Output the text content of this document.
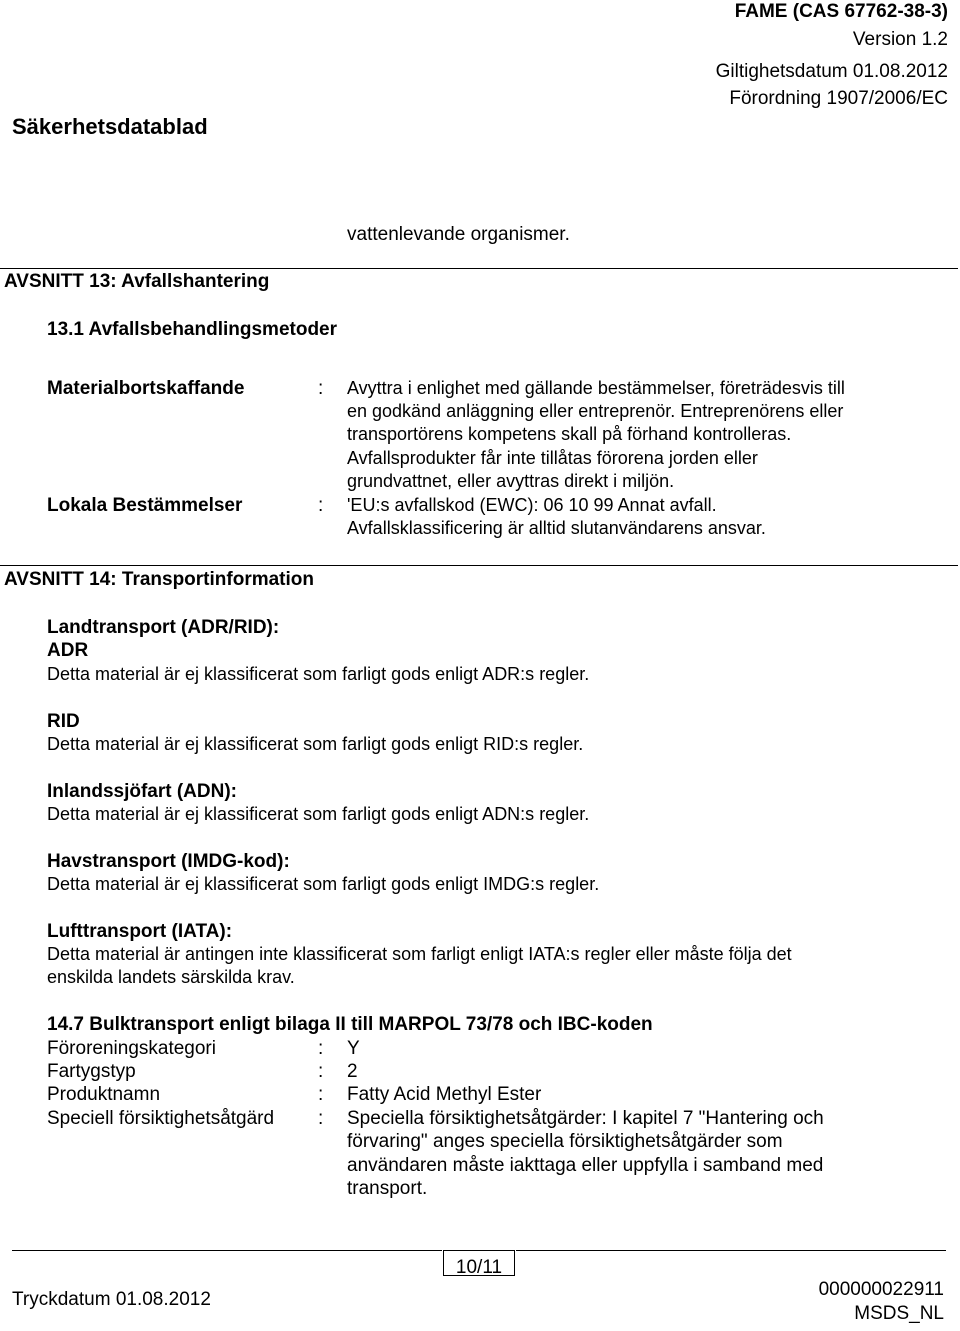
FAME (CAS 67762-38-3)
Version 1.2
Giltighetsdatum 01.08.2012
Förordning 1907/2006/EC
Säkerhetsdatablad
vattenlevande organismer.
AVSNITT 13: Avfallshantering
13.1 Avfallsbehandlingsmetoder
Materialbortskaffande	: Avyttra i enlighet med gällande bestämmelser, företrädesvis till
en godkänd anläggning eller entreprenör. Entreprenörens eller
transportörens kompetens skall på förhand kontrolleras.
Avfallsprodukter får inte tillåtas förorena jorden eller
grundvattnet, eller avyttras direkt i miljön.
Lokala Bestämmelser	: 'EU:s avfallskod (EWC): 06 10 99 Annat avfall.
Avfallsklassificering är alltid slutanvändarens ansvar.
AVSNITT 14: Transportinformation
Landtransport (ADR/RID):
ADR
Detta material är ej klassificerat som farligt gods enligt ADR:s regler.
RID
Detta material är ej klassificerat som farligt gods enligt RID:s regler.
Inlandssjöfart (ADN):
Detta material är ej klassificerat som farligt gods enligt ADN:s regler.
Havstransport (IMDG-kod):
Detta material är ej klassificerat som farligt gods enligt IMDG:s regler.
Lufttransport (IATA):
Detta material är antingen inte klassificerat som farligt enligt IATA:s regler eller måste följa det
enskilda landets särskilda krav.
14.7 Bulktransport enligt bilaga II till MARPOL 73/78 och IBC-koden
Föroreningskategori	: Y
Fartygstyp	: 2
Produktnamn	: Fatty Acid Methyl Ester
Speciell försiktighetsåtgärd : Speciella försiktighetsåtgärder: I kapitel 7 "Hantering och
förvaring" anges speciella försiktighetsåtgärder som
användaren måste iakttaga eller uppfylla i samband med
transport.
10/11
Tryckdatum 01.08.2012	000000022911
MSDS_NL
